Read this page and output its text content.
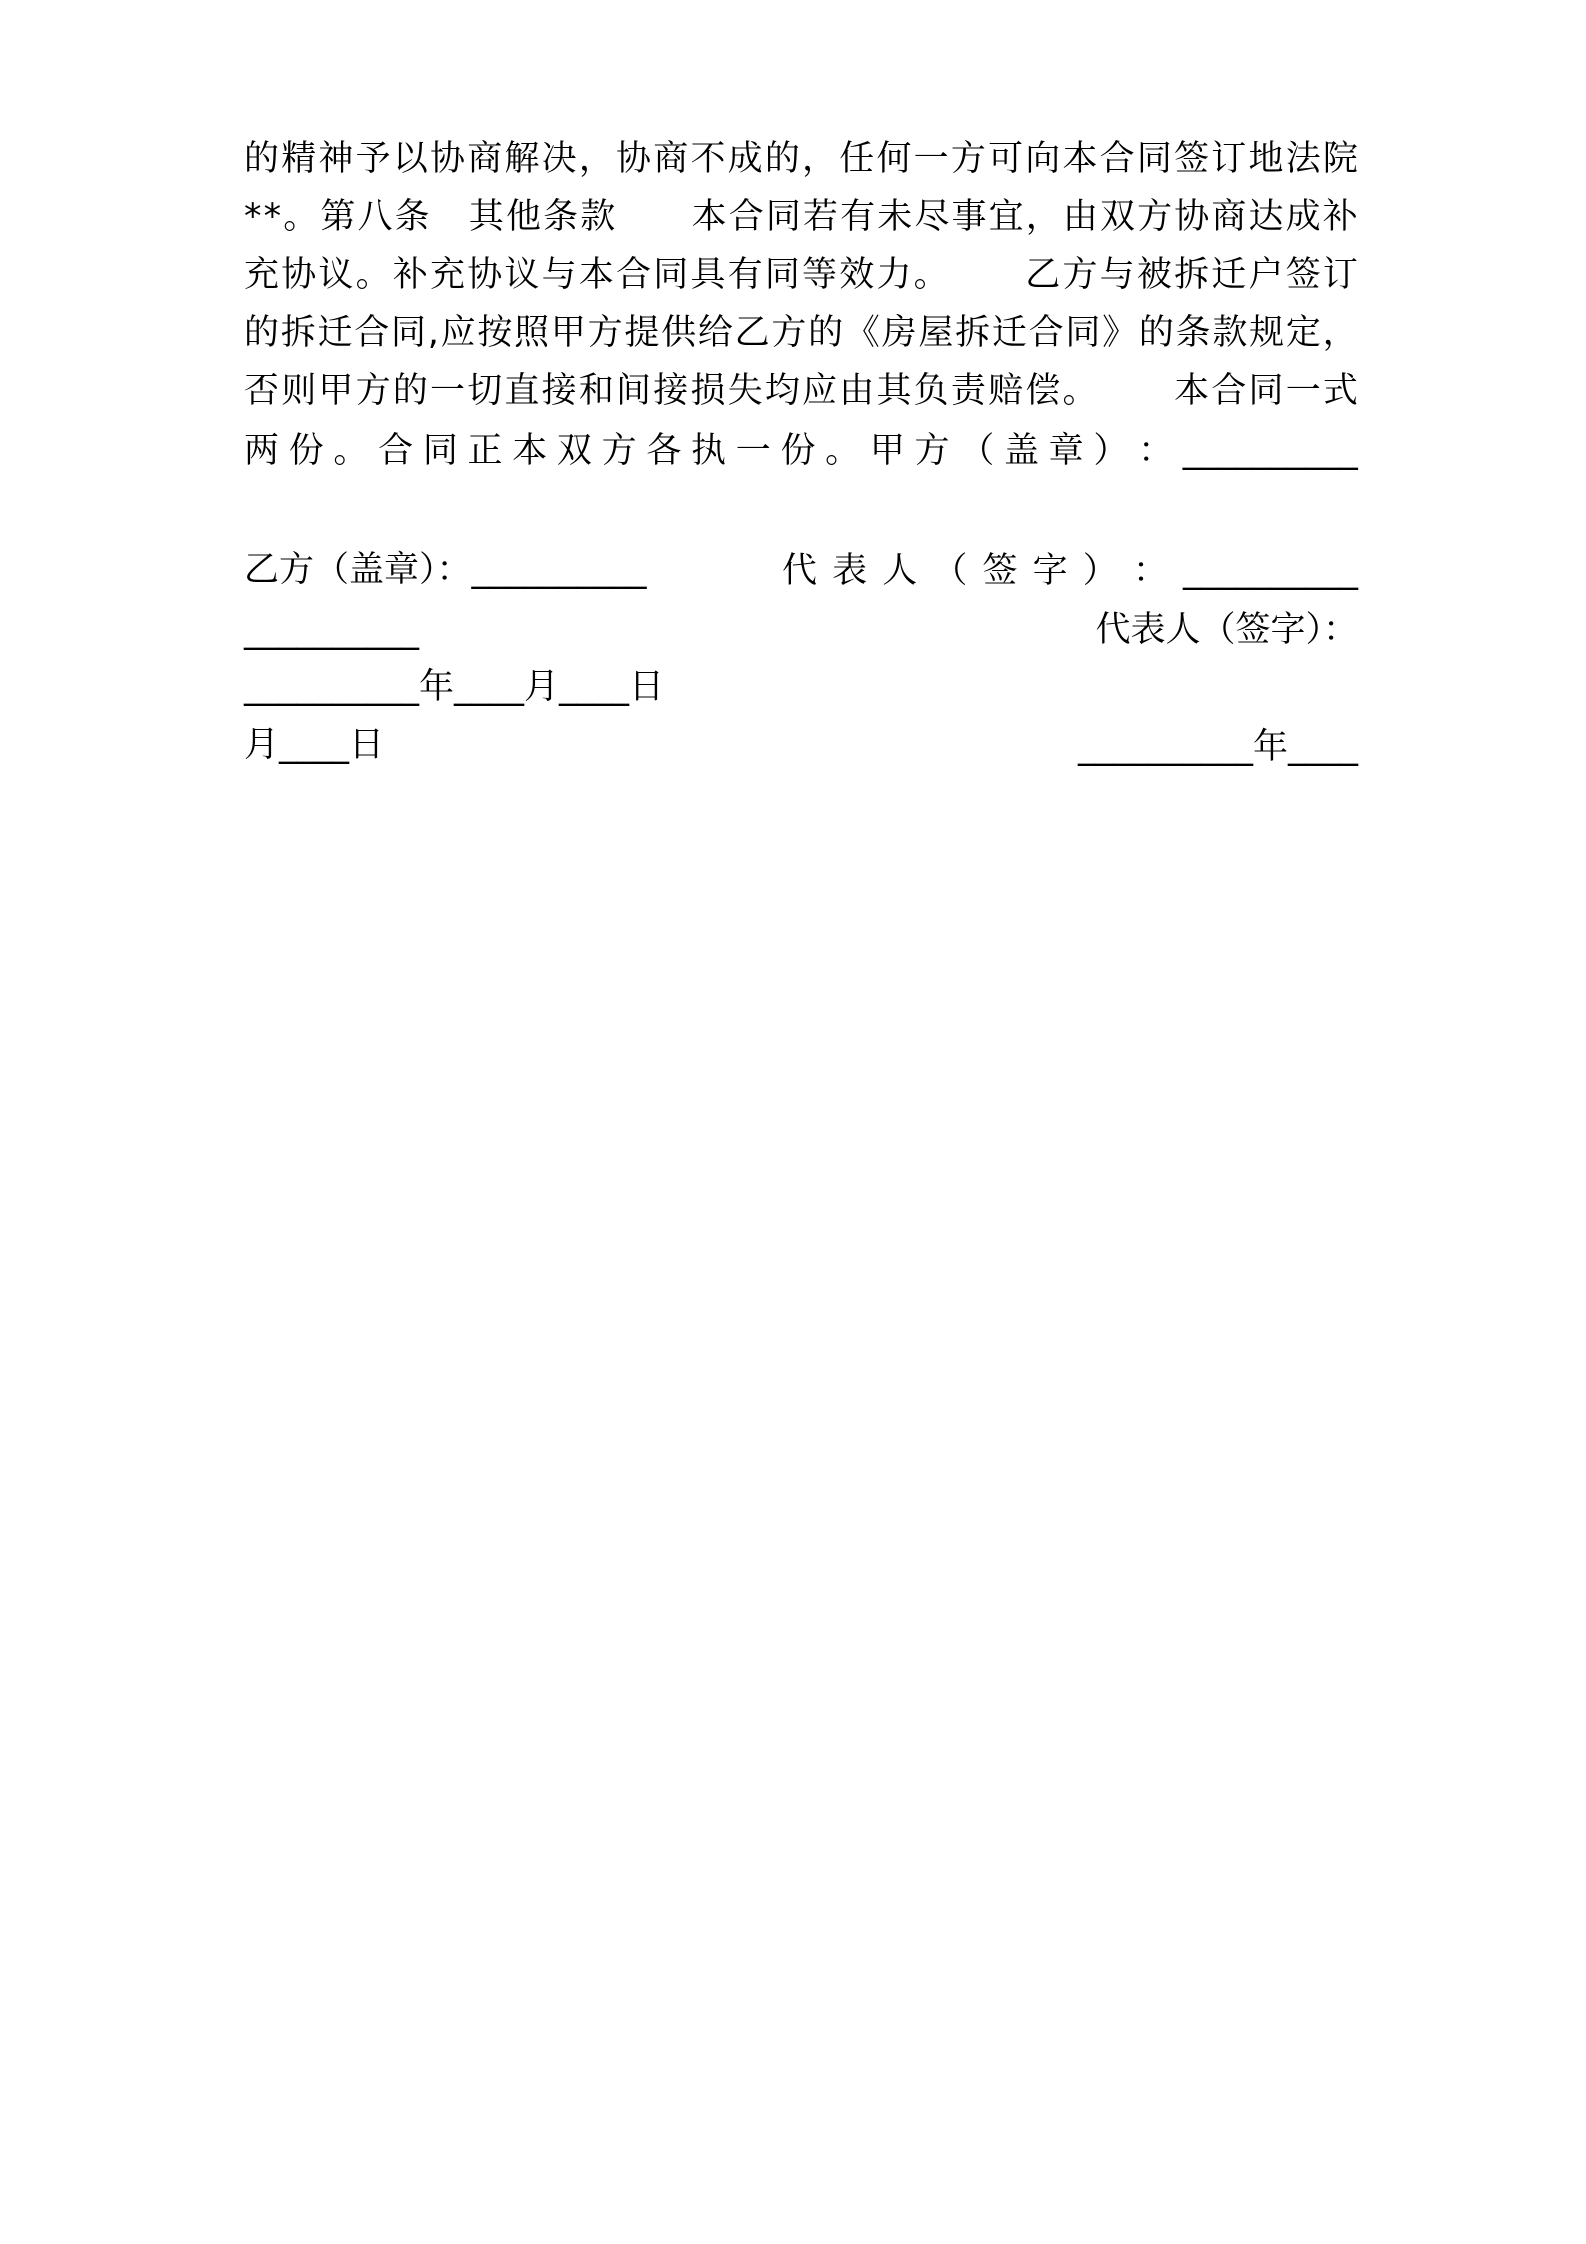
的 精 神 予 以 协 商 解 决 ， 协 商 不 成 的 ， 任 何 一 方 可 向 本 合 同 签 订 地 法 院
* * 。 第 八 条
　 其 他 条 款

　 本 合 同 若 有 未 尽 事 宜 ， 由 双 方 协 商 达 成 补
充 协 议 。 补 充 协 议 与 本 合 同 具 有 同 等 效 力 。

　 乙 方 与 被 拆 迁 户 签 订
的 拆 迁 合 同 , 应 按 照 甲 方 提 供 给 乙 方 的 《 房 屋 拆 迁 合 同 》 的 条 款 规 定 ，
否 则 甲 方 的 一 切 直 接 和 间 接 损 失 均 应 由 其 负 责 赔 偿 。

　 本 合 同 一 式
两 份 。 合 同 正 本 双 方 各 执 一 份 。 甲 方 （ 盖 章 ） ： __________

乙方（盖章）：__________

代表人（签字）：

__________

代 表 人 （ 签 字 ） ： __________

__________年____月____日

__________年____

月____日
